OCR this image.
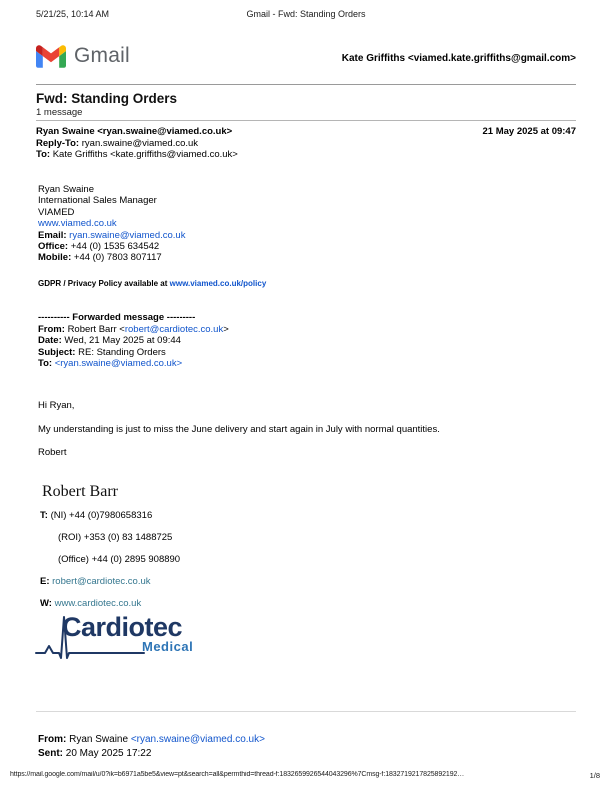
5/21/25, 10:14 AM	Gmail - Fwd: Standing Orders
Gmail	Kate Griffiths <viamed.kate.griffiths@gmail.com>
Fwd: Standing Orders
1 message
Ryan Swaine <ryan.swaine@viamed.co.uk>	21 May 2025 at 09:47
Reply-To: ryan.swaine@viamed.co.uk
To: Kate Griffiths <kate.griffiths@viamed.co.uk>
Ryan Swaine
International Sales Manager
VIAMED
www.viamed.co.uk
Email: ryan.swaine@viamed.co.uk
Office: +44 (0) 1535 634542
Mobile: +44 (0) 7803 807117
GDPR / Privacy Policy available at www.viamed.co.uk/policy
---------- Forwarded message ---------
From: Robert Barr <robert@cardiotec.co.uk>
Date: Wed, 21 May 2025 at 09:44
Subject: RE: Standing Orders
To: <ryan.swaine@viamed.co.uk>
Hi Ryan,
My understanding is just to miss the June delivery and start again in July with normal quantities.
Robert
Robert Barr
T: (NI) +44 (0)7980658316
(ROI) +353 (0) 83 1488725
(Office) +44 (0) 2895 908890
E: robert@cardiotec.co.uk
W: www.cardiotec.co.uk
Cardiotec
Medical
From: Ryan Swaine <ryan.swaine@viamed.co.uk>
Sent: 20 May 2025 17:22
https://mail.google.com/mail/u/0?ik=b6971a5be5&view=pt&search=all&permthid=thread-f:1832659926544043296%7Cmsg-f:1832719217825892192…	1/8
